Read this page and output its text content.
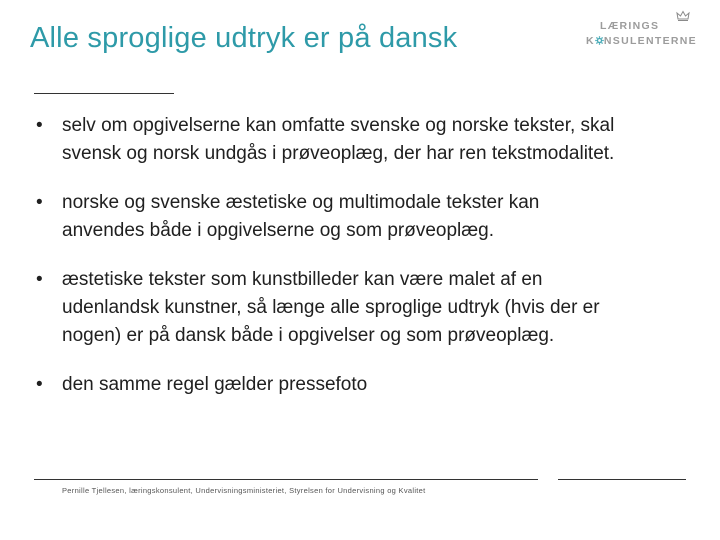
Alle sproglige udtryk er på dansk	LÆRINGS
K NSULENTERNE
• selv om opgivelserne kan omfatte svenske og norske tekster, skal
svensk og norsk undgås i prøveoplæg, der har ren tekstmodalitet.
• norske og svenske æstetiske og multimodale tekster kan
anvendes både i opgivelserne og som prøveoplæg.
• æstetiske tekster som kunstbilleder kan være malet af en
udenlandsk kunstner, så længe alle sproglige udtryk (hvis der er
nogen) er på dansk både i opgivelser og som prøveoplæg.
• den samme regel gælder pressefoto
Pernille Tjellesen, læringskonsulent, Undervisningsministeriet, Styrelsen for Undervisning og Kvalitet
